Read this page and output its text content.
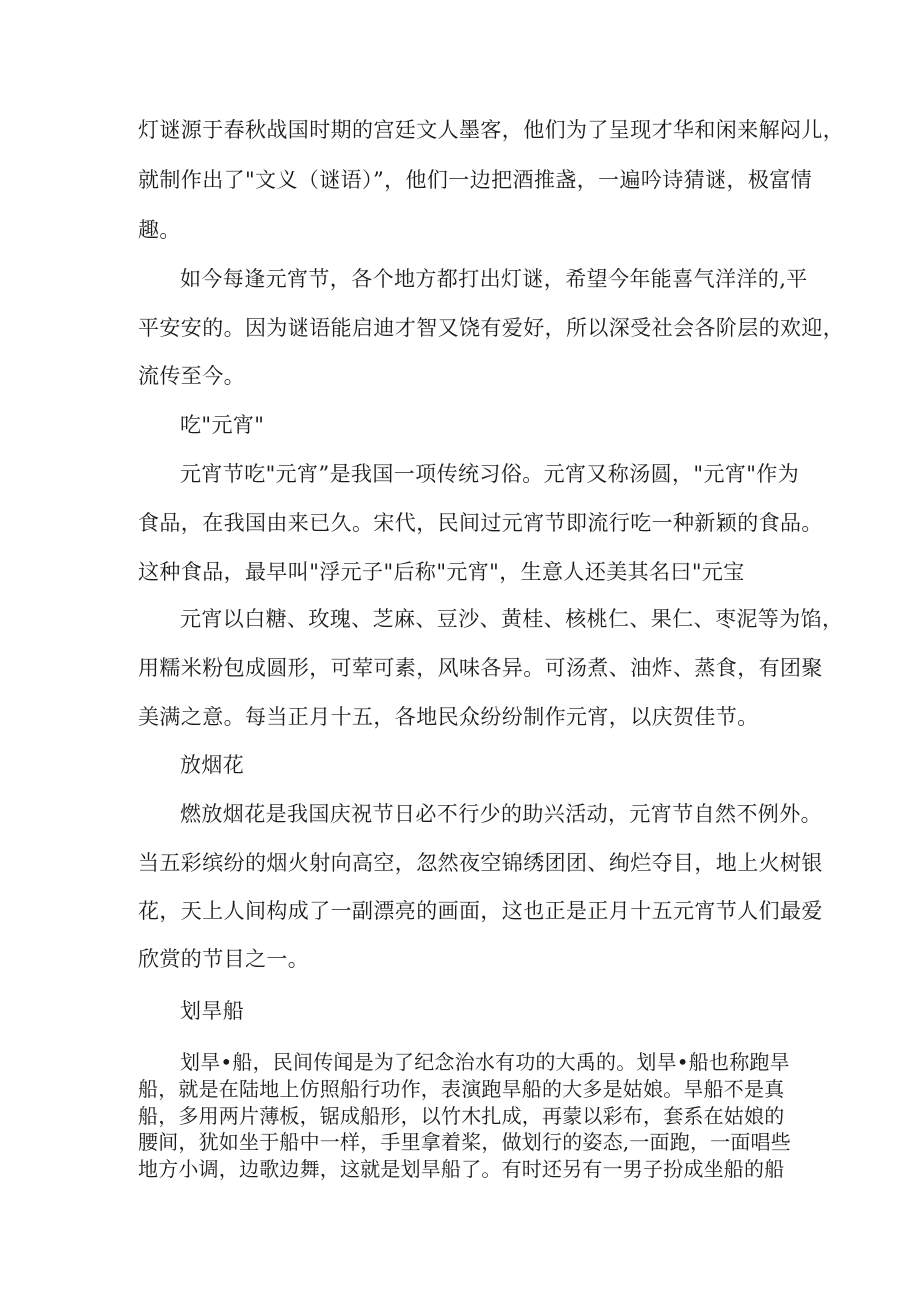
灯谜源于春秋战国时期的宫廷文人墨客，他们为了呈现才华和闲来解闷儿，
就制作出了"文义（谜语）”，他们一边把酒推盏，一遍吟诗猜谜，极富情
趣。
如今每逢元宵节，各个地方都打出灯谜，希望今年能喜气洋洋的,平
平安安的。因为谜语能启迪才智又饶有爱好，所以深受社会各阶层的欢迎，
流传至今。
吃"元宵"
元宵节吃"元宵”是我国一项传统习俗。元宵又称汤圆，"元宵"作为
食品，在我国由来已久。宋代，民间过元宵节即流行吃一种新颖的食品。
这种食品，最早叫"浮元子"后称"元宵"，生意人还美其名曰"元宝
元宵以白糖、玫瑰、芝麻、豆沙、黄桂、核桃仁、果仁、枣泥等为馅，
用糯米粉包成圆形，可荤可素，风味各异。可汤煮、油炸、蒸食，有团聚
美满之意。每当正月十五，各地民众纷纷制作元宵，以庆贺佳节。
放烟花
燃放烟花是我国庆祝节日必不行少的助兴活动，元宵节自然不例外。
当五彩缤纷的烟火射向高空，忽然夜空锦绣团团、绚烂夺目，地上火树银
花，天上人间构成了一副漂亮的画面，这也正是正月十五元宵节人们最爱
欣赏的节目之一。
划旱船
划旱•船，民间传闻是为了纪念治水有功的大禹的。划旱•船也称跑旱
船，就是在陆地上仿照船行功作，表演跑旱船的大多是姑娘。旱船不是真
船，多用两片薄板，锯成船形，以竹木扎成，再蒙以彩布，套系在姑娘的
腰间，犹如坐于船中一样，手里拿着桨，做划行的姿态,一面跑，一面唱些
地方小调，边歌边舞，这就是划旱船了。有时还另有一男子扮成坐船的船
